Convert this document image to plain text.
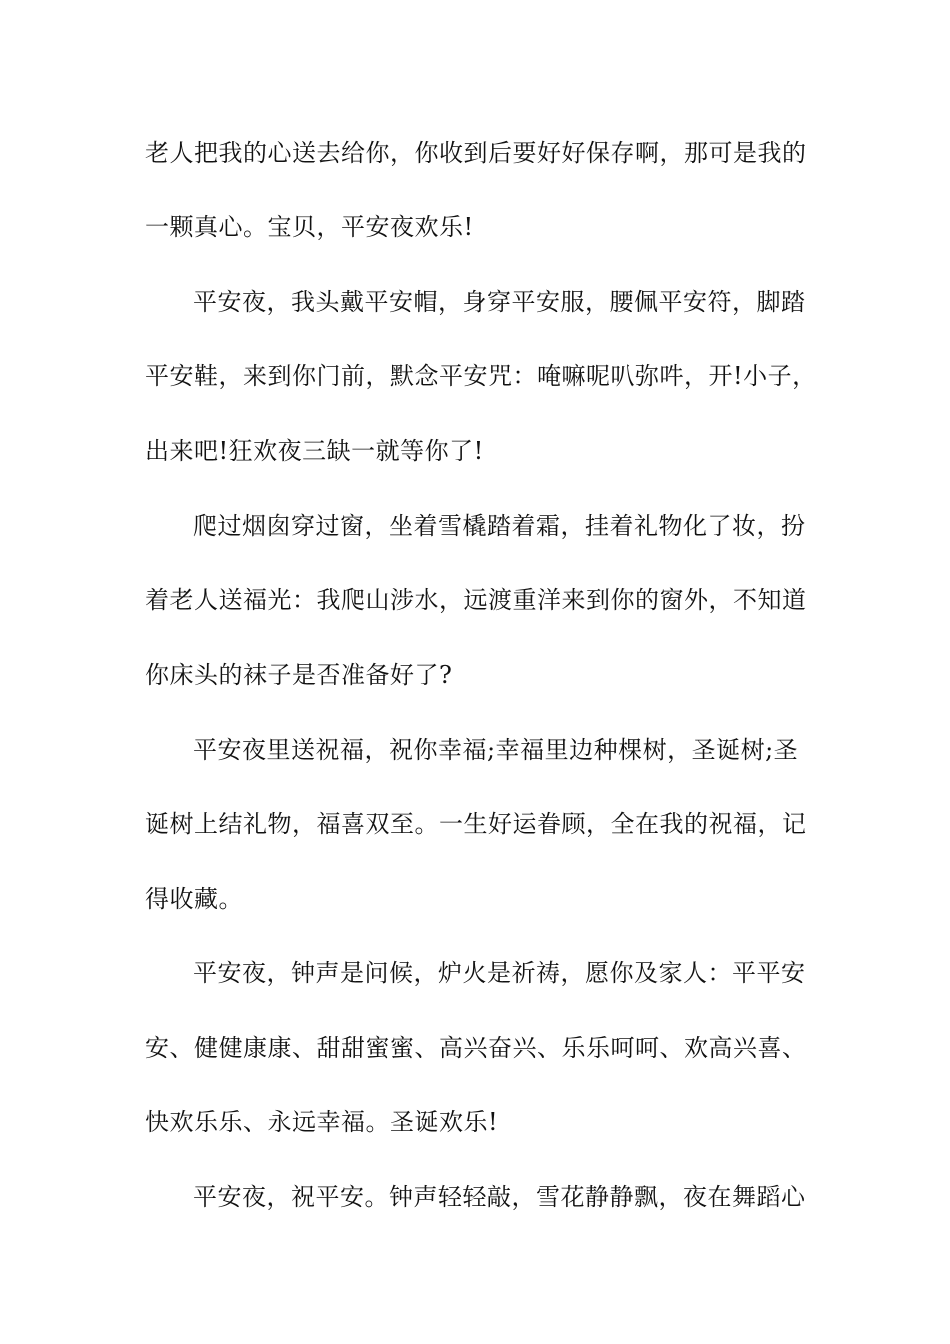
老人把我的心送去给你，你收到后要好好保存啊，那可是我的
一颗真心。宝贝，平安夜欢乐!
平安夜，我头戴平安帽，身穿平安服，腰佩平安符，脚踏
平安鞋，来到你门前，默念平安咒：唵嘛呢叭弥吽，开!小子，
出来吧!狂欢夜三缺一就等你了!
爬过烟囱穿过窗，坐着雪橇踏着霜，挂着礼物化了妆，扮
着老人送福光：我爬山涉水，远渡重洋来到你的窗外，不知道
你床头的袜子是否准备好了?
平安夜里送祝福，祝你幸福;幸福里边种棵树，圣诞树;圣
诞树上结礼物，福喜双至。一生好运眷顾，全在我的祝福，记
得收藏。
平安夜，钟声是问候，炉火是祈祷，愿你及家人：平平安
安、健健康康、甜甜蜜蜜、高兴奋兴、乐乐呵呵、欢高兴喜、
快欢乐乐、永远幸福。圣诞欢乐!
平安夜，祝平安。钟声轻轻敲，雪花静静飘，夜在舞蹈心
